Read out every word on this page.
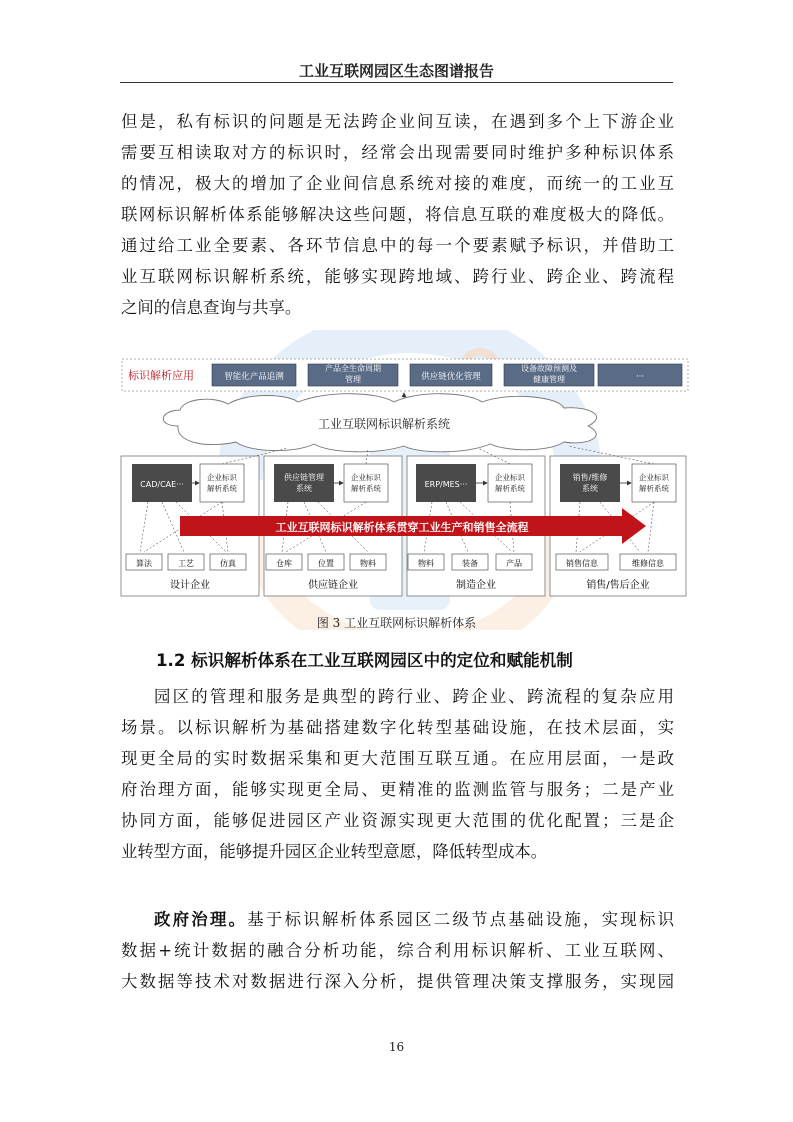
工业互联网园区生态图谱报告
但是，私有标识的问题是无法跨企业间互读，在遇到多个上下游企业
需要互相读取对方的标识时，经常会出现需要同时维护多种标识体系
的情况，极大的增加了企业间信息系统对接的难度，而统一的工业互
联网标识解析体系能够解决这些问题，将信息互联的难度极大的降低。
通过给工业全要素、各环节信息中的每一个要素赋予标识，并借助工
业互联网标识解析系统，能够实现跨地域、跨行业、跨企业、跨流程
之间的信息查询与共享。
标识解析应用	智能化产品追溯
产品全生命周期
管理	供应链优化管理
设备故障预测及
健康管理	···
工业互联网标识解析系统
CAD/CAE···
企业标识
解析系统
算法	工艺	仿真
设计企业
供应链管理
系统
企业标识
解析系统
仓库	位置	物料
供应链企业
ERP/MES···
企业标识
解析系统
物料	装备	产品
制造企业
销售/维修
系统
企业标识
解析系统
销售信息	维修信息
销售/售后企业
工业互联网标识解析体系贯穿工业生产和销售全流程
图 3 工业互联网标识解析体系
1.2 标识解析体系在工业互联网园区中的定位和赋能机制
园区的管理和服务是典型的跨行业、跨企业、跨流程的复杂应用
场景。以标识解析为基础搭建数字化转型基础设施，在技术层面，实
现更全局的实时数据采集和更大范围互联互通。在应用层面，一是政
府治理方面，能够实现更全局、更精准的监测监管与服务；二是产业
协同方面，能够促进园区产业资源实现更大范围的优化配置；三是企
业转型方面，能够提升园区企业转型意愿，降低转型成本。
政府治理。基于标识解析体系园区二级节点基础设施，实现标识
数据+统计数据的融合分析功能，综合利用标识解析、工业互联网、
大数据等技术对数据进行深入分析，提供管理决策支撑服务，实现园
16
